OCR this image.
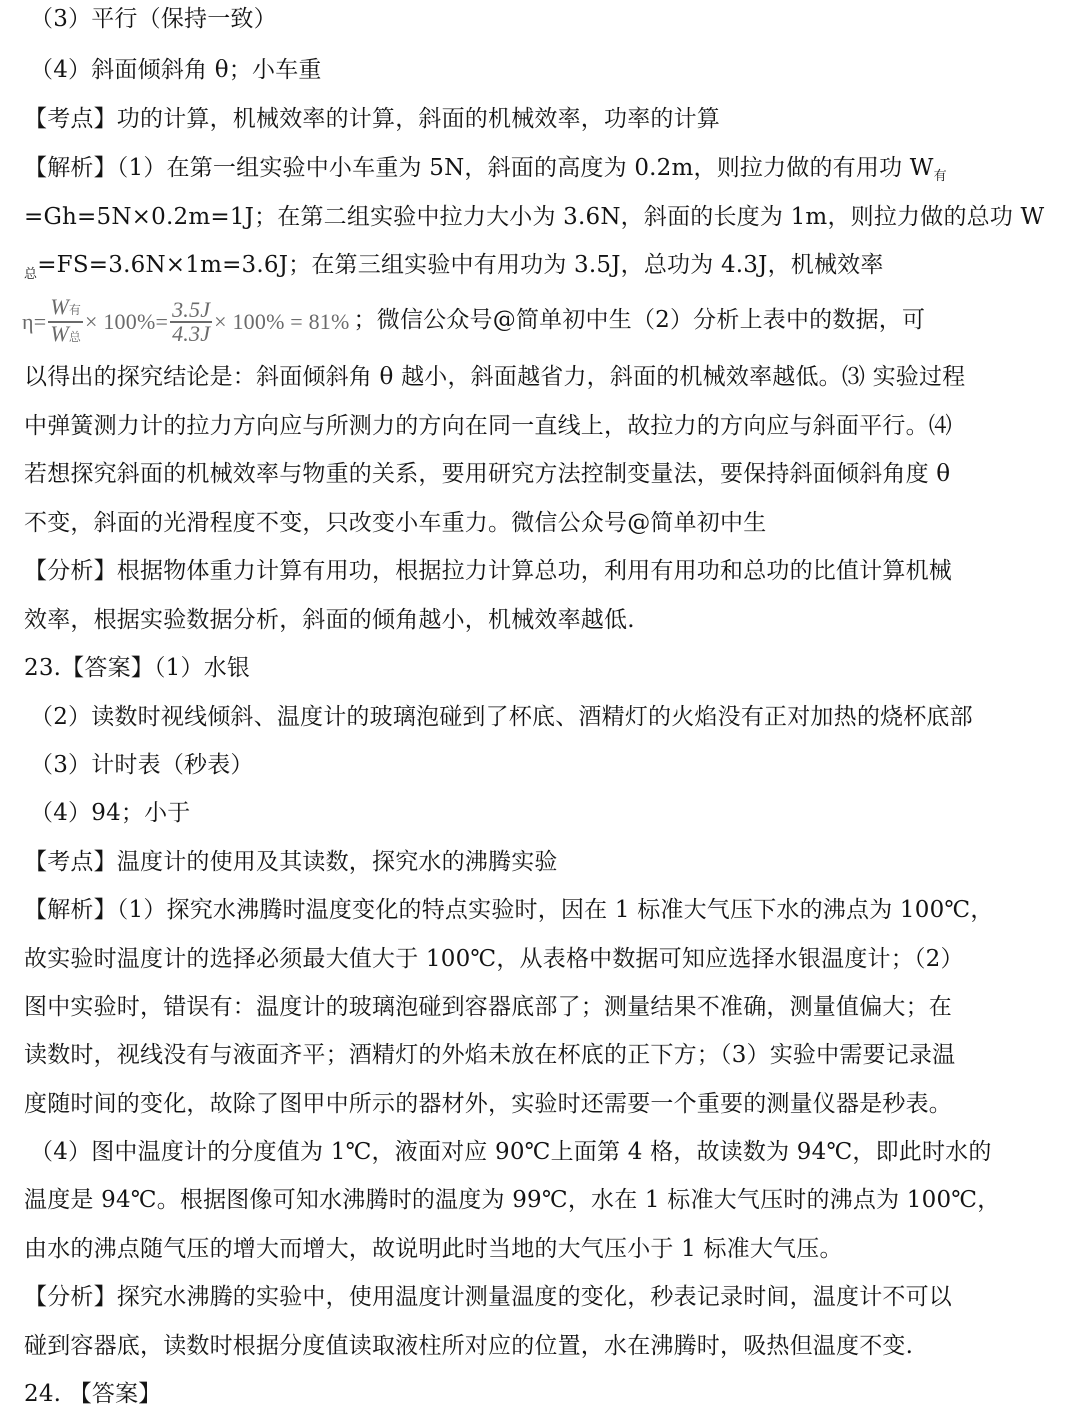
（3）平行（保持一致）
（4）斜面倾斜角 θ；小车重
【考点】功的计算，机械效率的计算，斜面的机械效率，功率的计算
【解析】（1）在第一组实验中小车重为 5N，斜面的高度为 0.2m，则拉力做的有用功 $W_有$
=Gh=5N×0.2m=1J；在第二组实验中拉力大小为 3.6N，斜面的长度为 1m，则拉力做的总功 W
$_总$=FS=3.6N×1m=3.6J；在第三组实验中有用功为 3.5J，总功为 4.3J，机械效率
$\eta= \frac{\text{W有}}{\text{W总}} \times 100\%= \frac{3.5J}{4.3J} \times 100\% = 81\%$ ；微信公众号@简单初中生（2）分析上表中的数据，可
以得出的探究结论是：斜面倾斜角 θ 越小，斜面越省力，斜面的机械效率越低。⑶ 实验过程
中弹簧测力计的拉力方向应与所测力的方向在同一直线上，故拉力的方向应与斜面平行。⑷
若想探究斜面的机械效率与物重的关系，要用研究方法控制变量法，要保持斜面倾斜角度 θ
不变，斜面的光滑程度不变，只改变小车重力。微信公众号@简单初中生
【分析】根据物体重力计算有用功，根据拉力计算总功，利用有用功和总功的比值计算机械
效率，根据实验数据分析，斜面的倾角越小，机械效率越低.
23.【答案】（1）水银
（2）读数时视线倾斜、温度计的玻璃泡碰到了杯底、酒精灯的火焰没有正对加热的烧杯底部
（3）计时表（秒表）
（4）94；小于
【考点】温度计的使用及其读数，探究水的沸腾实验
【解析】（1）探究水沸腾时温度变化的特点实验时，因在 1 标准大气压下水的沸点为 100℃，
故实验时温度计的选择必须最大值大于 100℃，从表格中数据可知应选择水银温度计；（2）
图中实验时，错误有：温度计的玻璃泡碰到容器底部了；测量结果不准确，测量值偏大；在
读数时，视线没有与液面齐平；酒精灯的外焰未放在杯底的正下方；（3）实验中需要记录温
度随时间的变化，故除了图甲中所示的器材外，实验时还需要一个重要的测量仪器是秒表。
（4）图中温度计的分度值为 1℃，液面对应 90℃上面第 4 格，故读数为 94℃，即此时水的
温度是 94℃。根据图像可知水沸腾时的温度为 99℃，水在 1 标准大气压时的沸点为 100℃，
由水的沸点随气压的增大而增大，故说明此时当地的大气压小于 1 标准大气压。
【分析】探究水沸腾的实验中，使用温度计测量温度的变化，秒表记录时间，温度计不可以
碰到容器底，读数时根据分度值读取液柱所对应的位置，水在沸腾时，吸热但温度不变.
24. 【答案】
